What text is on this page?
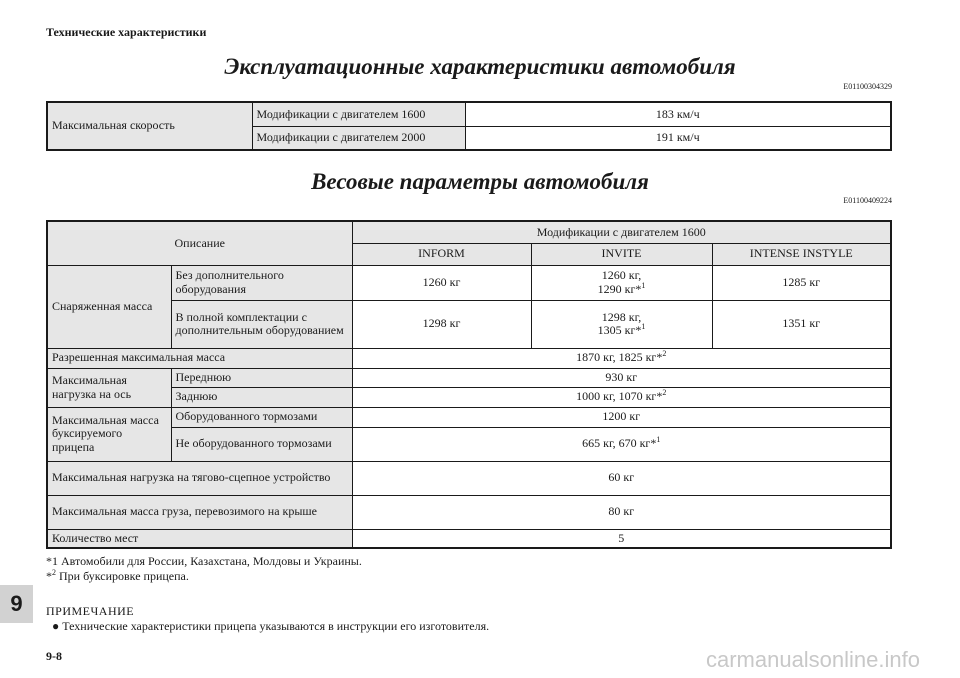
Технические характеристики
Эксплуатационные характеристики автомобиля
E01100304329
Максимальная скорость	Модификации с двигателем 1600	183 км/ч
	Модификации с двигателем 2000	191 км/ч
Весовые параметры автомобиля
E01100409224
Описание		Модификации с двигателем 1600		
		INFORM	INVITE	INTENSE INSTYLE
Снаряженная масса	Без дополнительного оборудования	1260 кг	1260 кг,
1290 кг*$^1$	1285 кг
	В полной комплектации с дополнительным оборудованием	1298 кг	1298 кг,
1305 кг*$^1$	1351 кг
Разрешенная максимальная масса		1870 кг, 1825 кг*$^2$
Максимальная нагрузка на ось	Переднюю	930 кг		
	Заднюю	1000 кг, 1070 кг*$^2$
Максимальная масса буксируемого прицепа	Оборудованного тормозами	1200 кг		
	Не оборудованного тормозами	665 кг, 670 кг*$^1$
Максимальная нагрузка на тягово-сцепное устройство		60 кг		
Максимальная масса груза, перевозимого на крыше		80 кг		
Количество мест		5		
*1 Автомобили для России, Казахстана, Молдовы и Украины.
*$^2$ При буксировке прицепа.
9	ПРИМЕЧАНИЕ
● Технические характеристики прицепа указываются в инструкции его изготовителя.
9-8	carmanualsonline.info
